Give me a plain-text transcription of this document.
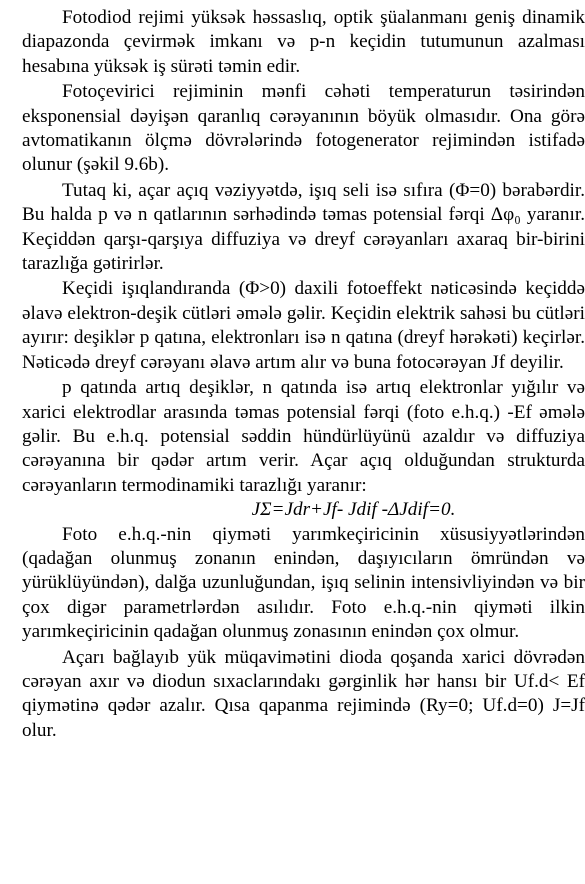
Fotodiod rejimi yüksək həssaslıq, optik şüalanmanı geniş dinamik diapazonda çevirmək imkanı və p-n keçidin tutumunun azalması hesabına yüksək iş sürəti təmin edir.

Fotoçevirici rejiminin mənfi cəhəti temperaturun təsirindən eksponensial dəyişən qaranlıq cərəyanının böyük olmasıdır. Ona görə avtomatikanın ölçmə dövrələrində fotogenerator rejimindən istifadə olunur (şəkil 9.6b).

Tutaq ki, açar açıq vəziyyətdə, işıq seli isə sıfıra (Φ=0) bərabərdir. Bu halda p və n qatlarının sərhədində təmas potensial fərqi Δφ₀ yaranır. Keçiddən qarşı-qarşıya diffuziya və dreyf cərəyanları axaraq bir-birini tarazlığa gətirirlər.

Keçidi işıqlandıranda (Φ>0) daxili fotoeffekt nəticəsində keçiddə əlavə elektron-deşik cütləri əmələ gəlir. Keçidin elektrik sahəsi bu cütləri ayırır: deşiklər p qatına, elektronları isə n qatına (dreyf hərəkəti) keçirlər. Nəticədə dreyf cərəyanı əlavə artım alır və buna fotocərəyan Jf deyilir.

p qatında artıq deşiklər, n qatında isə artıq elektronlar yığılır və xarici elektrodlar arasında təmas potensial fərqi (foto e.h.q.) -Ef əmələ gəlir. Bu e.h.q. potensial səddin hündürlüyünü azaldır və diffuziya cərəyanına bir qədər artım verir. Açar açıq olduğundan strukturda cərəyanların termodinamiki tarazlığı yaranır:

JΣ=Jdr+Jf- Jdif -ΔJdif=0.

Foto e.h.q.-nin qiyməti yarımkeçiricinin xüsusiyyətlərindən (qadağan olunmuş zonanın enindən, daşıyıcıların ömründən və yürüklüyündən), dalğa uzunluğundan, işıq selinin intensivliyindən və bir çox digər parametrlərdən asılıdır. Foto e.h.q.-nin qiyməti ilkin yarımkeçiricinin qadağan olunmuş zonasının enindən çox olmur.

Açarı bağlayıb yük müqavimətini dioda qoşanda xarici dövrədən cərəyan axır və diodun sıxaclarındakı gərginlik hər hansı bir Uf.d< Ef qiymətinə qədər azalır. Qısa qapanma rejimində (Ry=0; Uf.d=0) J=Jf olur.
